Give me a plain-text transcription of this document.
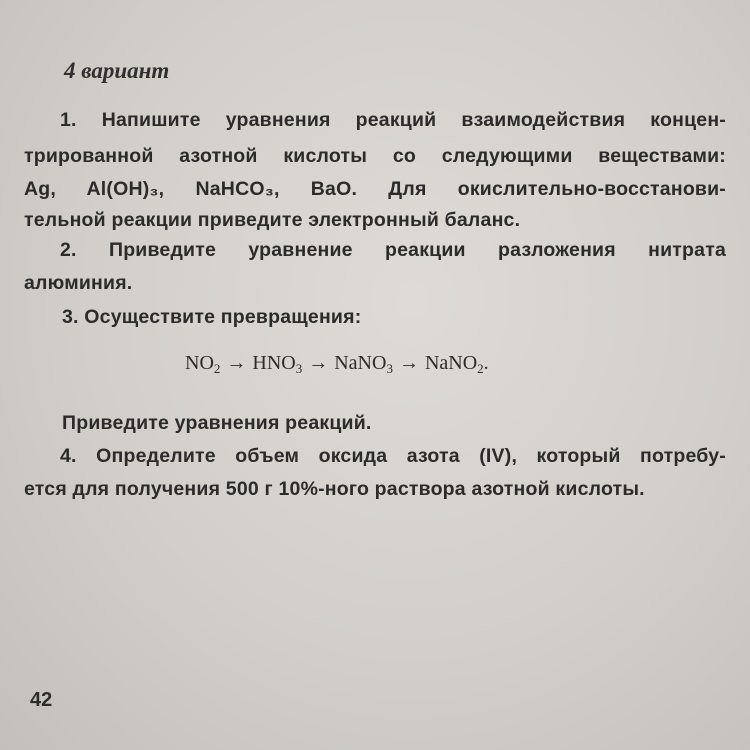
4 вариант

1. Напишите уравнения реакций взаимодействия концен-

трированной азотной кислоты со следующими веществами:

Ag, Al(OH)₃, NaHCO₃, BaO. Для окислительно-восстанови-

тельной реакции приведите электронный баланс.

2. Приведите уравнение реакции разложения нитрата

алюминия.

3. Осуществите превращения:

$NO_2 \to HNO_3$ → NaNO$_3$ → NaNO$_2$.

Приведите уравнения реакций.

4. Определите объем оксида азота (IV), который потребу-

ется для получения 500 г 10%-ного раствора азотной кислоты.

42
